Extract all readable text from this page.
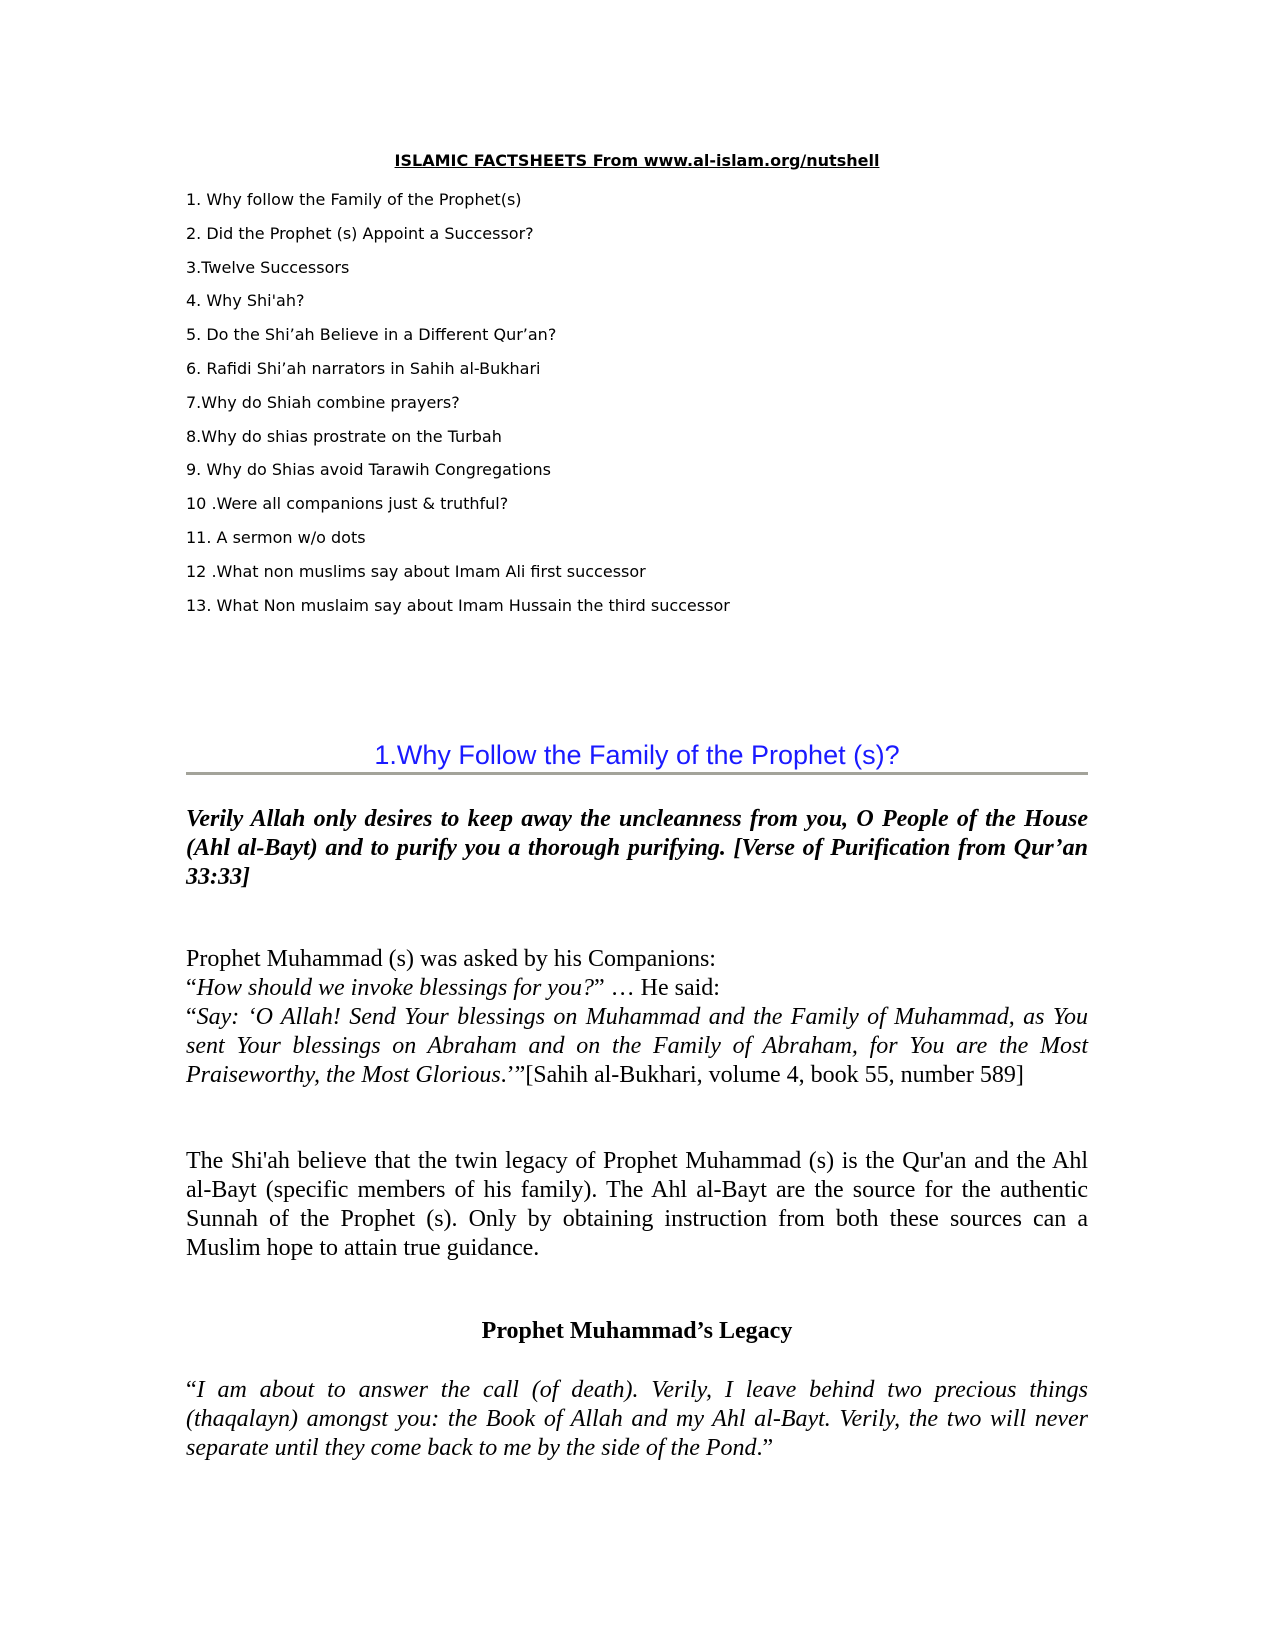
ISLAMIC FACTSHEETS From www.al-islam.org/nutshell
1. Why follow the Family of the Prophet(s)
2. Did the Prophet (s) Appoint a Successor?
3.Twelve Successors
4. Why Shi'ah?
5. Do the Shi’ah Believe in a Different Qur’an?
6. Rafidi Shi’ah narrators in Sahih al-Bukhari
7.Why do Shiah combine prayers?
8.Why do shias prostrate on the Turbah
9. Why do Shias avoid Tarawih Congregations
10 .Were all companions just & truthful?
11. A sermon w/o dots
12 .What non muslims say about Imam Ali first successor
13. What Non muslaim say about Imam Hussain the third successor
1.Why Follow the Family of the Prophet (s)?

Verily Allah only desires to keep away the uncleanness from you, O People of the House (Ahl al-Bayt) and to purify you a thorough purifying. [Verse of Purification from Qur’an 33:33]

Prophet Muhammad (s) was asked by his Companions:
“How should we invoke blessings for you?” … He said:
“Say: ‘O Allah! Send Your blessings on Muhammad and the Family of Muhammad, as You sent Your blessings on Abraham and on the Family of Abraham, for You are the Most Praiseworthy, the Most Glorious.’”[Sahih al-Bukhari, volume 4, book 55, number 589]

The Shi'ah believe that the twin legacy of Prophet Muhammad (s) is the Qur'an and the Ahl al-Bayt (specific members of his family). The Ahl al-Bayt are the source for the authentic Sunnah of the Prophet (s). Only by obtaining instruction from both these sources can a Muslim hope to attain true guidance.

Prophet Muhammad’s Legacy

“I am about to answer the call (of death). Verily, I leave behind two precious things (thaqalayn) amongst you: the Book of Allah and my Ahl al-Bayt. Verily, the two will never separate until they come back to me by the side of the Pond.”
